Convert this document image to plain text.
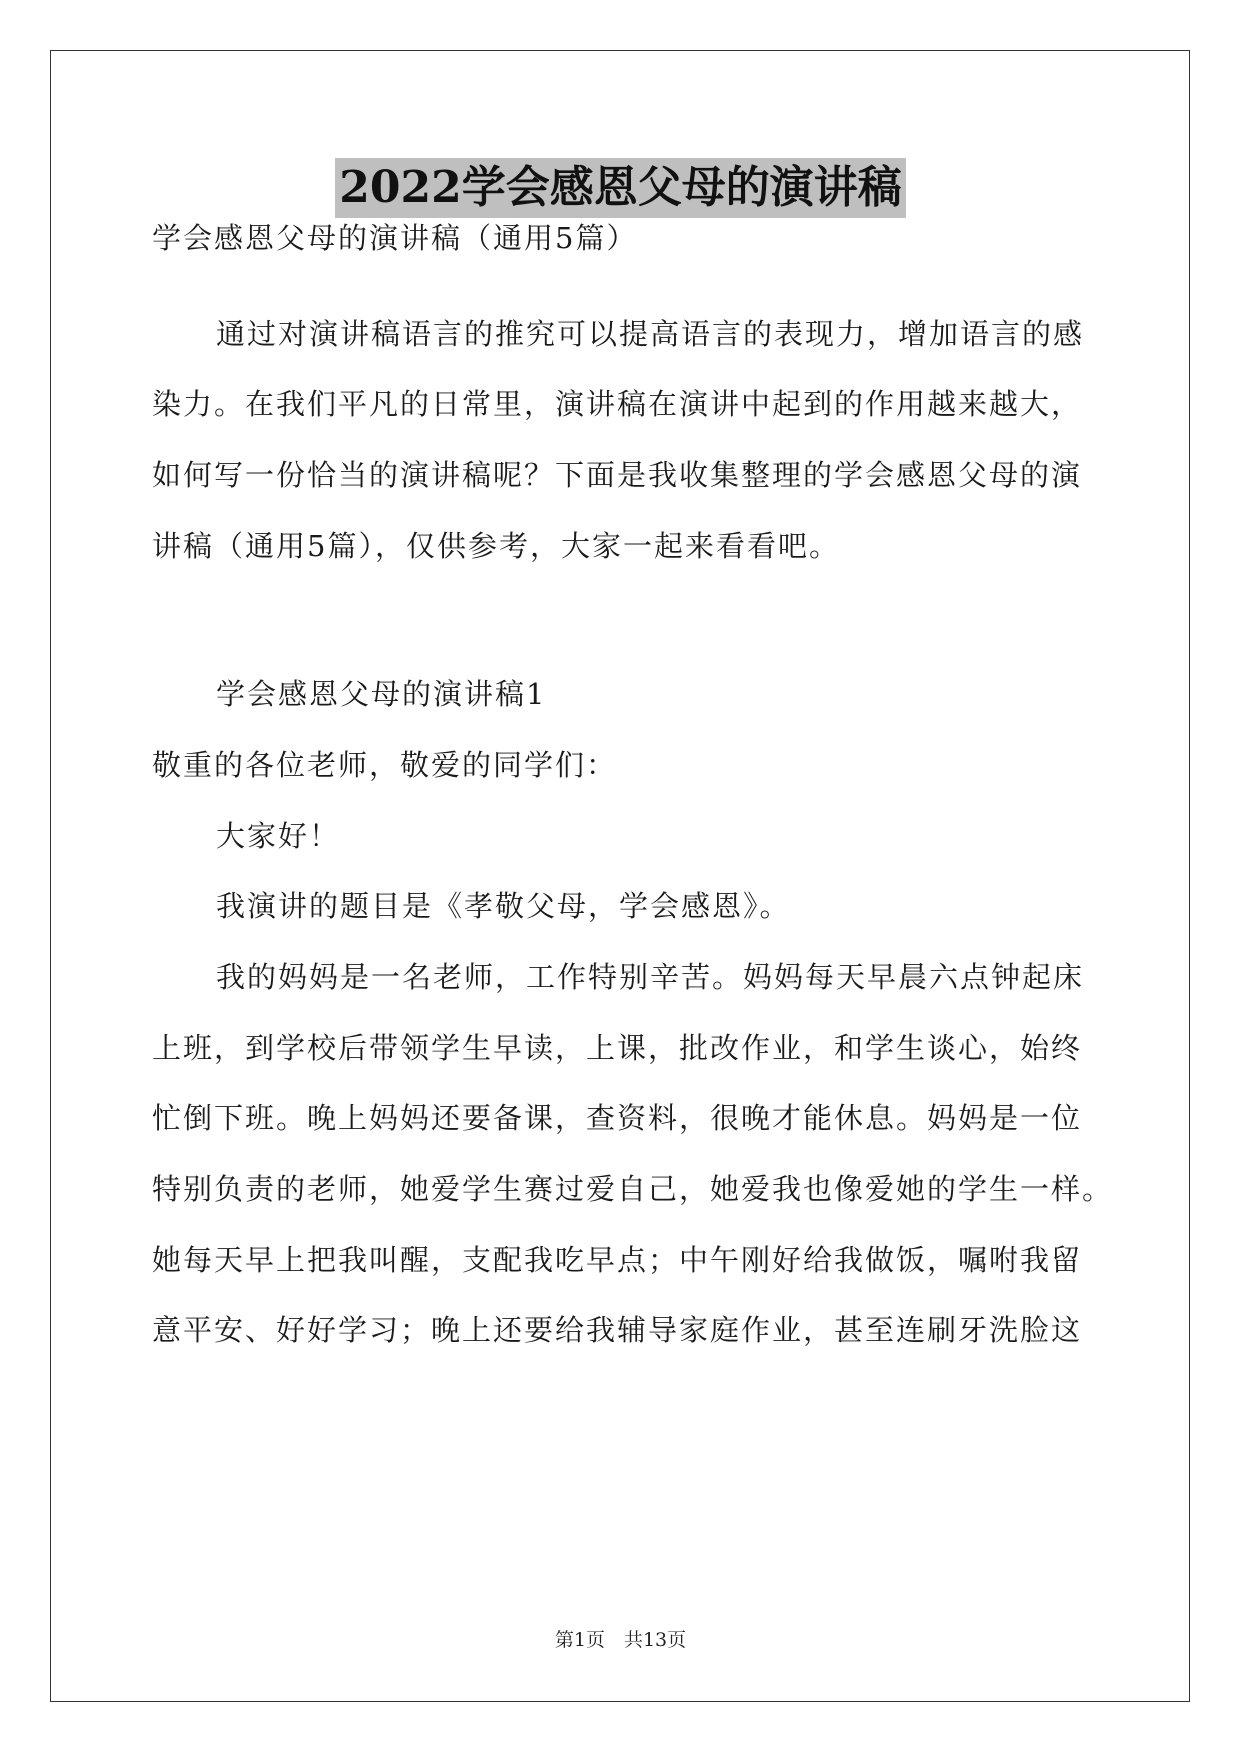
2022学会感恩父母的演讲稿
学会感恩父母的演讲稿（通用5篇）
通过对演讲稿语言的推究可以提高语言的表现力，增加语言的感
染力。在我们平凡的日常里，演讲稿在演讲中起到的作用越来越大，
如何写一份恰当的演讲稿呢？下面是我收集整理的学会感恩父母的演
讲稿（通用5篇），仅供参考，大家一起来看看吧。
学会感恩父母的演讲稿1
敬重的各位老师，敬爱的同学们：
大家好！
我演讲的题目是《孝敬父母，学会感恩》。
我的妈妈是一名老师，工作特别辛苦。妈妈每天早晨六点钟起床
上班，到学校后带领学生早读，上课，批改作业，和学生谈心，始终
忙倒下班。晚上妈妈还要备课，查资料，很晚才能休息。妈妈是一位
特别负责的老师，她爱学生赛过爱自己，她爱我也像爱她的学生一样。
她每天早上把我叫醒，支配我吃早点；中午刚好给我做饭，嘱咐我留
意平安、好好学习；晚上还要给我辅导家庭作业，甚至连刷牙洗脸这
第1页　共13页
